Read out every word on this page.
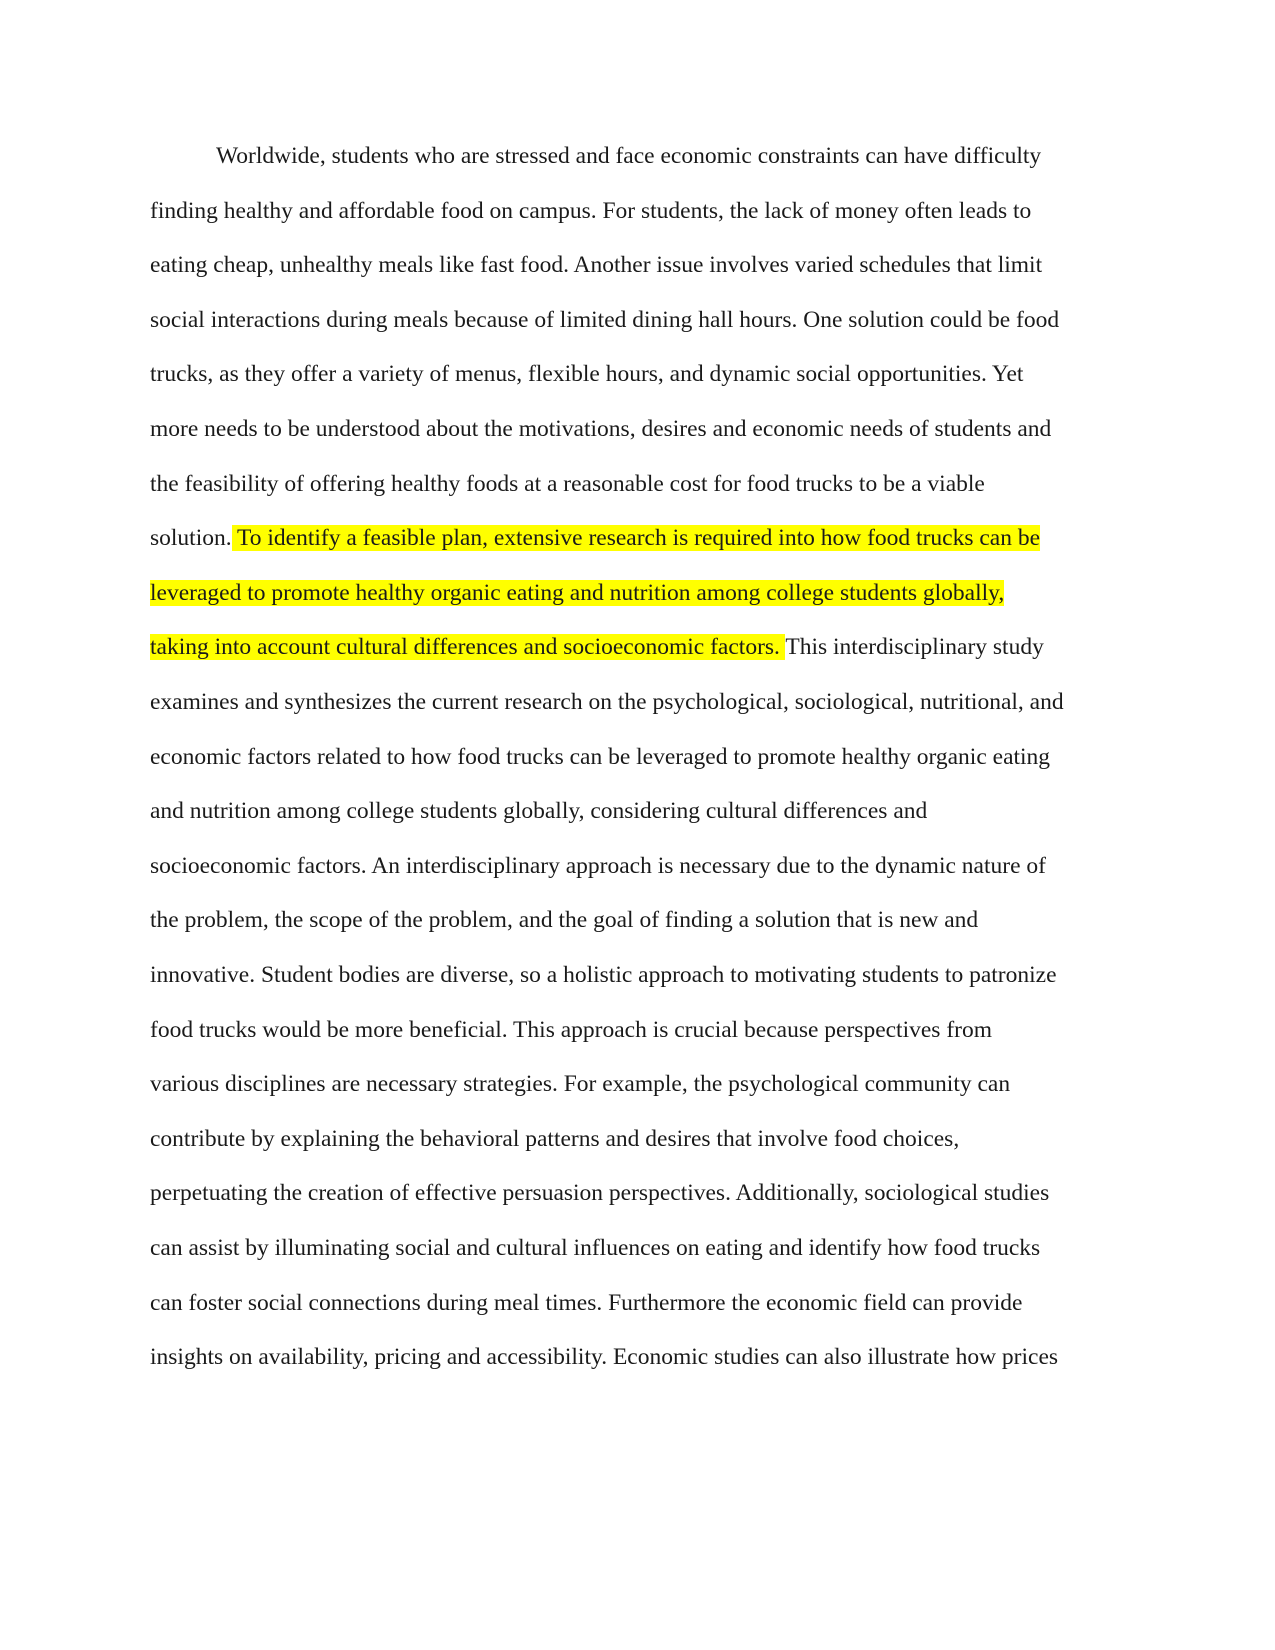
Worldwide, students who are stressed and face economic constraints can have difficulty
finding healthy and affordable food on campus. For students, the lack of money often leads to
eating cheap, unhealthy meals like fast food. Another issue involves varied schedules that limit
social interactions during meals because of limited dining hall hours. One solution could be food
trucks, as they offer a variety of menus, flexible hours, and dynamic social opportunities. Yet
more needs to be understood about the motivations, desires and economic needs of students and
the feasibility of offering healthy foods at a reasonable cost for food trucks to be a viable
solution. To identify a feasible plan, extensive research is required into how food trucks can be
leveraged to promote healthy organic eating and nutrition among college students globally,
taking into account cultural differences and socioeconomic factors. This interdisciplinary study
examines and synthesizes the current research on the psychological, sociological, nutritional, and
economic factors related to how food trucks can be leveraged to promote healthy organic eating
and nutrition among college students globally, considering cultural differences and
socioeconomic factors. An interdisciplinary approach is necessary due to the dynamic nature of
the problem, the scope of the problem, and the goal of finding a solution that is new and
innovative. Student bodies are diverse, so a holistic approach to motivating students to patronize
food trucks would be more beneficial. This approach is crucial because perspectives from
various disciplines are necessary strategies. For example, the psychological community can
contribute by explaining the behavioral patterns and desires that involve food choices,
perpetuating the creation of effective persuasion perspectives. Additionally, sociological studies
can assist by illuminating social and cultural influences on eating and identify how food trucks
can foster social connections during meal times. Furthermore the economic field can provide
insights on availability, pricing and accessibility. Economic studies can also illustrate how prices
